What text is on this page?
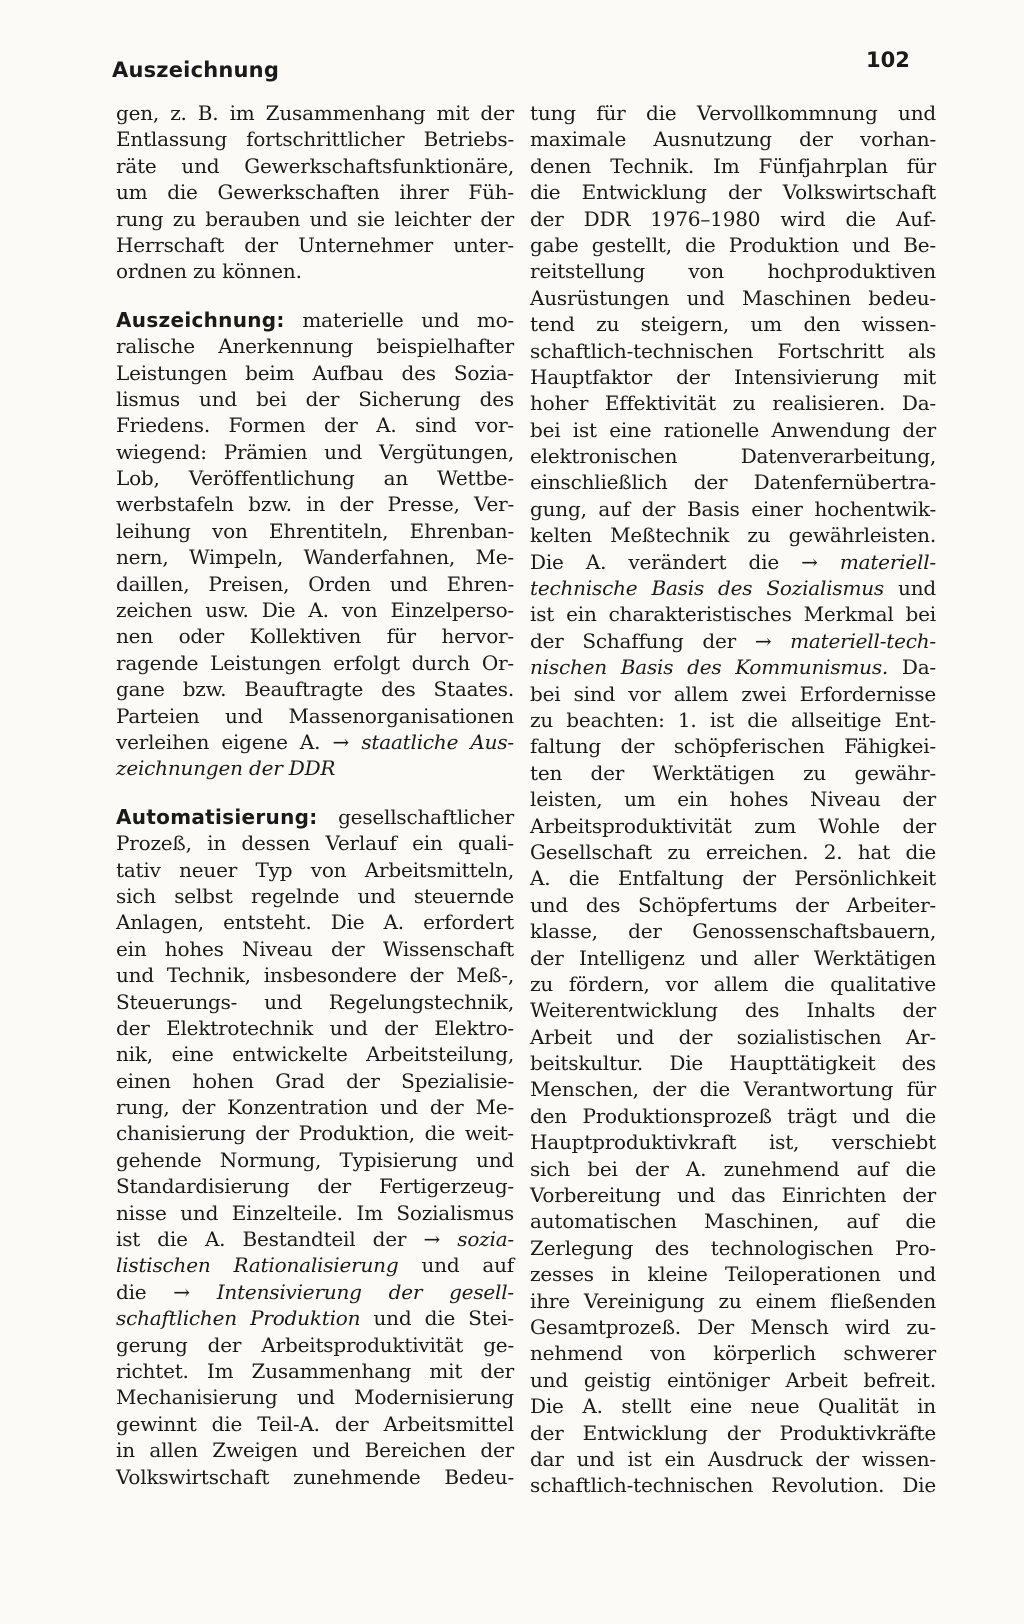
Auszeichnung	102
gen, z. B. im Zusammenhang mit der
Entlassung fortschrittlicher Betriebs-
räte und Gewerkschaftsfunktionäre,
um die Gewerkschaften ihrer Füh-
rung zu berauben und sie leichter der
Herrschaft der Unternehmer unter-
ordnen zu können.
Auszeichnung: materielle und mo-
ralische Anerkennung beispielhafter
Leistungen beim Aufbau des Sozia-
lismus und bei der Sicherung des
Friedens. Formen der A. sind vor-
wiegend: Prämien und Vergütungen,
Lob, Veröffentlichung an Wettbe-
werbstafeln bzw. in der Presse, Ver-
leihung von Ehrentiteln, Ehrenban-
nern, Wimpeln, Wanderfahnen, Me-
daillen, Preisen, Orden und Ehren-
zeichen usw. Die A. von Einzelperso-
nen oder Kollektiven für hervor-
ragende Leistungen erfolgt durch Or-
gane bzw. Beauftragte des Staates.
Parteien und Massenorganisationen
verleihen eigene A. → staatliche Aus-
zeichnungen der DDR
Automatisierung: gesellschaftlicher
Prozeß, in dessen Verlauf ein quali-
tativ neuer Typ von Arbeitsmitteln,
sich selbst regelnde und steuernde
Anlagen, entsteht. Die A. erfordert
ein hohes Niveau der Wissenschaft
und Technik, insbesondere der Meß-,
Steuerungs- und Regelungstechnik,
der Elektrotechnik und der Elektro-
nik, eine entwickelte Arbeitsteilung,
einen hohen Grad der Spezialisie-
rung, der Konzentration und der Me-
chanisierung der Produktion, die weit-
gehende Normung, Typisierung und
Standardisierung der Fertigerzeug-
nisse und Einzelteile. Im Sozialismus
ist die A. Bestandteil der → sozia-
listischen Rationalisierung und auf
die → Intensivierung der gesell-
schaftlichen Produktion und die Stei-
gerung der Arbeitsproduktivität ge-
richtet. Im Zusammenhang mit der
Mechanisierung und Modernisierung
gewinnt die Teil-A. der Arbeitsmittel
in allen Zweigen und Bereichen der
Volkswirtschaft zunehmende Bedeu-
tung für die Vervollkommnung und
maximale Ausnutzung der vorhan-
denen Technik. Im Fünfjahrplan für
die Entwicklung der Volkswirtschaft
der DDR 1976–1980 wird die Auf-
gabe gestellt, die Produktion und Be-
reitstellung von hochproduktiven
Ausrüstungen und Maschinen bedeu-
tend zu steigern, um den wissen-
schaftlich-technischen Fortschritt als
Hauptfaktor der Intensivierung mit
hoher Effektivität zu realisieren. Da-
bei ist eine rationelle Anwendung der
elektronischen Datenverarbeitung,
einschließlich der Datenfernübertra-
gung, auf der Basis einer hochentwik-
kelten Meßtechnik zu gewährleisten.
Die A. verändert die → materiell-
technische Basis des Sozialismus und
ist ein charakteristisches Merkmal bei
der Schaffung der → materiell-tech-
nischen Basis des Kommunismus. Da-
bei sind vor allem zwei Erfordernisse
zu beachten: 1. ist die allseitige Ent-
faltung der schöpferischen Fähigkei-
ten der Werktätigen zu gewähr-
leisten, um ein hohes Niveau der
Arbeitsproduktivität zum Wohle der
Gesellschaft zu erreichen. 2. hat die
A. die Entfaltung der Persönlichkeit
und des Schöpfertums der Arbeiter-
klasse, der Genossenschaftsbauern,
der Intelligenz und aller Werktätigen
zu fördern, vor allem die qualitative
Weiterentwicklung des Inhalts der
Arbeit und der sozialistischen Ar-
beitskultur. Die Haupttätigkeit des
Menschen, der die Verantwortung für
den Produktionsprozeß trägt und die
Hauptproduktivkraft ist, verschiebt
sich bei der A. zunehmend auf die
Vorbereitung und das Einrichten der
automatischen Maschinen, auf die
Zerlegung des technologischen Pro-
zesses in kleine Teiloperationen und
ihre Vereinigung zu einem fließenden
Gesamtprozeß. Der Mensch wird zu-
nehmend von körperlich schwerer
und geistig eintöniger Arbeit befreit.
Die A. stellt eine neue Qualität in
der Entwicklung der Produktivkräfte
dar und ist ein Ausdruck der wissen-
schaftlich-technischen Revolution. Die
